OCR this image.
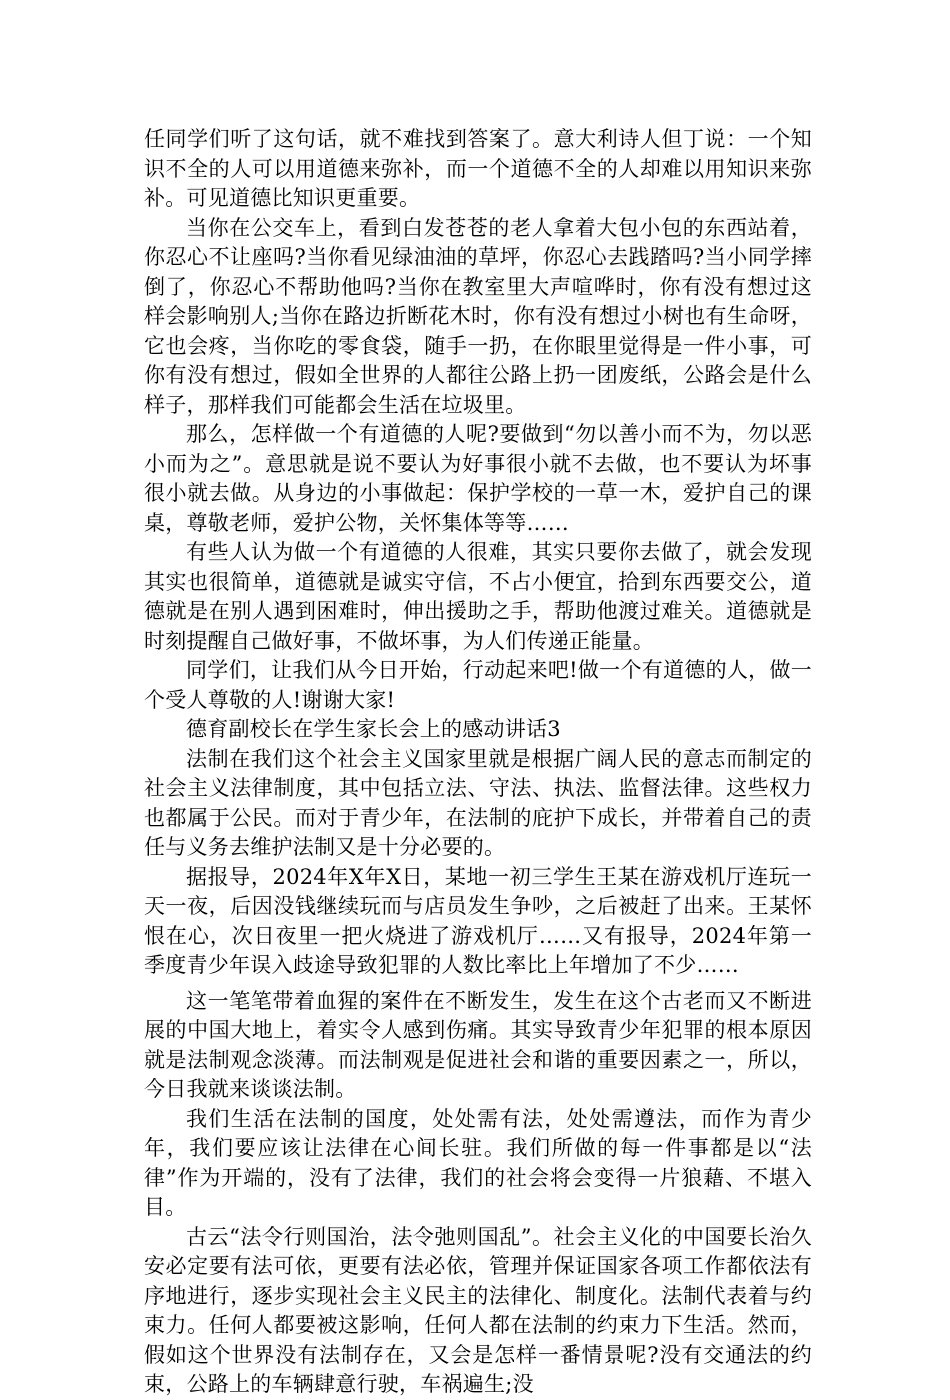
任同学们听了这句话，就不难找到答案了。意大利诗人但丁说：一个知识不全的人可以用道德来弥补，而一个道德不全的人却难以用知识来弥补。可见道德比知识更重要。

当你在公交车上，看到白发苍苍的老人拿着大包小包的东西站着，你忍心不让座吗?当你看见绿油油的草坪，你忍心去践踏吗?当小同学摔倒了，你忍心不帮助他吗?当你在教室里大声喧哗时，你有没有想过这样会影响别人;当你在路边折断花木时，你有没有想过小树也有生命呀，它也会疼，当你吃的零食袋，随手一扔，在你眼里觉得是一件小事，可你有没有想过，假如全世界的人都往公路上扔一团废纸，公路会是什么样子，那样我们可能都会生活在垃圾里。

那么，怎样做一个有道德的人呢?要做到“勿以善小而不为，勿以恶小而为之”。意思就是说不要认为好事很小就不去做，也不要认为坏事很小就去做。从身边的小事做起：保护学校的一草一木，爱护自己的课桌，尊敬老师，爱护公物，关怀集体等等……

有些人认为做一个有道德的人很难，其实只要你去做了，就会发现其实也很简单，道德就是诚实守信，不占小便宜，拾到东西要交公，道德就是在别人遇到困难时，伸出援助之手，帮助他渡过难关。道德就是时刻提醒自己做好事，不做坏事，为人们传递正能量。

同学们，让我们从今日开始，行动起来吧!做一个有道德的人，做一个受人尊敬的人!谢谢大家!

德育副校长在学生家长会上的感动讲话3

法制在我们这个社会主义国家里就是根据广阔人民的意志而制定的社会主义法律制度，其中包括立法、守法、执法、监督法律。这些权力也都属于公民。而对于青少年，在法制的庇护下成长，并带着自己的责任与义务去维护法制又是十分必要的。

据报导，2024年X年X日，某地一初三学生王某在游戏机厅连玩一天一夜，后因没钱继续玩而与店员发生争吵，之后被赶了出来。王某怀恨在心，次日夜里一把火烧进了游戏机厅……又有报导，2024年第一季度青少年误入歧途导致犯罪的人数比率比上年增加了不少……

这一笔笔带着血猩的案件在不断发生，发生在这个古老而又不断进展的中国大地上，着实令人感到伤痛。其实导致青少年犯罪的根本原因就是法制观念淡薄。而法制观是促进社会和谐的重要因素之一，所以，今日我就来谈谈法制。

我们生活在法制的国度，处处需有法，处处需遵法，而作为青少年，我们要应该让法律在心间长驻。我们所做的每一件事都是以“法律”作为开端的，没有了法律，我们的社会将会变得一片狼藉、不堪入目。

古云“法令行则国治，法令弛则国乱”。社会主义化的中国要长治久安必定要有法可依，更要有法必依，管理并保证国家各项工作都依法有序地进行，逐步实现社会主义民主的法律化、制度化。法制代表着与约束力。任何人都要被这影响，任何人都在法制的约束力下生活。然而，假如这个世界没有法制存在，又会是怎样一番情景呢?没有交通法的约束，公路上的车辆肆意行驶，车祸遍生;没
